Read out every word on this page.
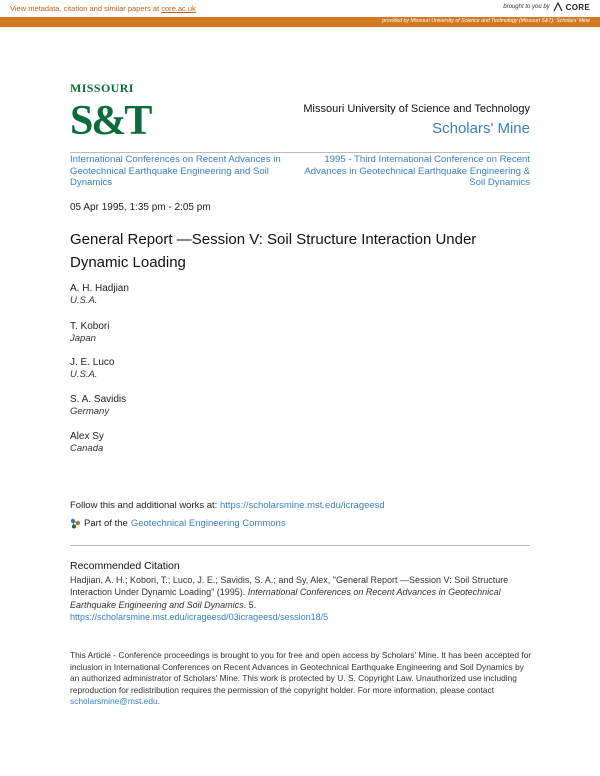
View metadata, citation and similar papers at core.ac.uk	brought to you by CORE
provided by Missouri University of Science and Technology (Missouri S&T): Scholars' Mine
MISSOURI
S&T	Missouri University of Science and Technology
Scholars' Mine
International Conferences on Recent Advances in Geotechnical Earthquake Engineering and Soil Dynamics
1995 - Third International Conference on Recent Advances in Geotechnical Earthquake Engineering & Soil Dynamics
05 Apr 1995, 1:35 pm - 2:05 pm
General Report —Session V: Soil Structure Interaction Under Dynamic Loading
A. H. Hadjian
U.S.A.
T. Kobori
Japan
J. E. Luco
U.S.A.
S. A. Savidis
Germany
Alex Sy
Canada
Follow this and additional works at: https://scholarsmine.mst.edu/icrageesd
Part of the Geotechnical Engineering Commons
Recommended Citation
Hadjian, A. H.; Kobori, T.; Luco, J. E.; Savidis, S. A.; and Sy, Alex, "General Report —Session V: Soil Structure Interaction Under Dynamic Loading" (1995). International Conferences on Recent Advances in Geotechnical Earthquake Engineering and Soil Dynamics. 5.
https://scholarsmine.mst.edu/icrageesd/03icrageesd/session18/5
This Article - Conference proceedings is brought to you for free and open access by Scholars' Mine. It has been accepted for inclusion in International Conferences on Recent Advances in Geotechnical Earthquake Engineering and Soil Dynamics by an authorized administrator of Scholars' Mine. This work is protected by U. S. Copyright Law. Unauthorized use including reproduction for redistribution requires the permission of the copyright holder. For more information, please contact scholarsmine@mst.edu.
